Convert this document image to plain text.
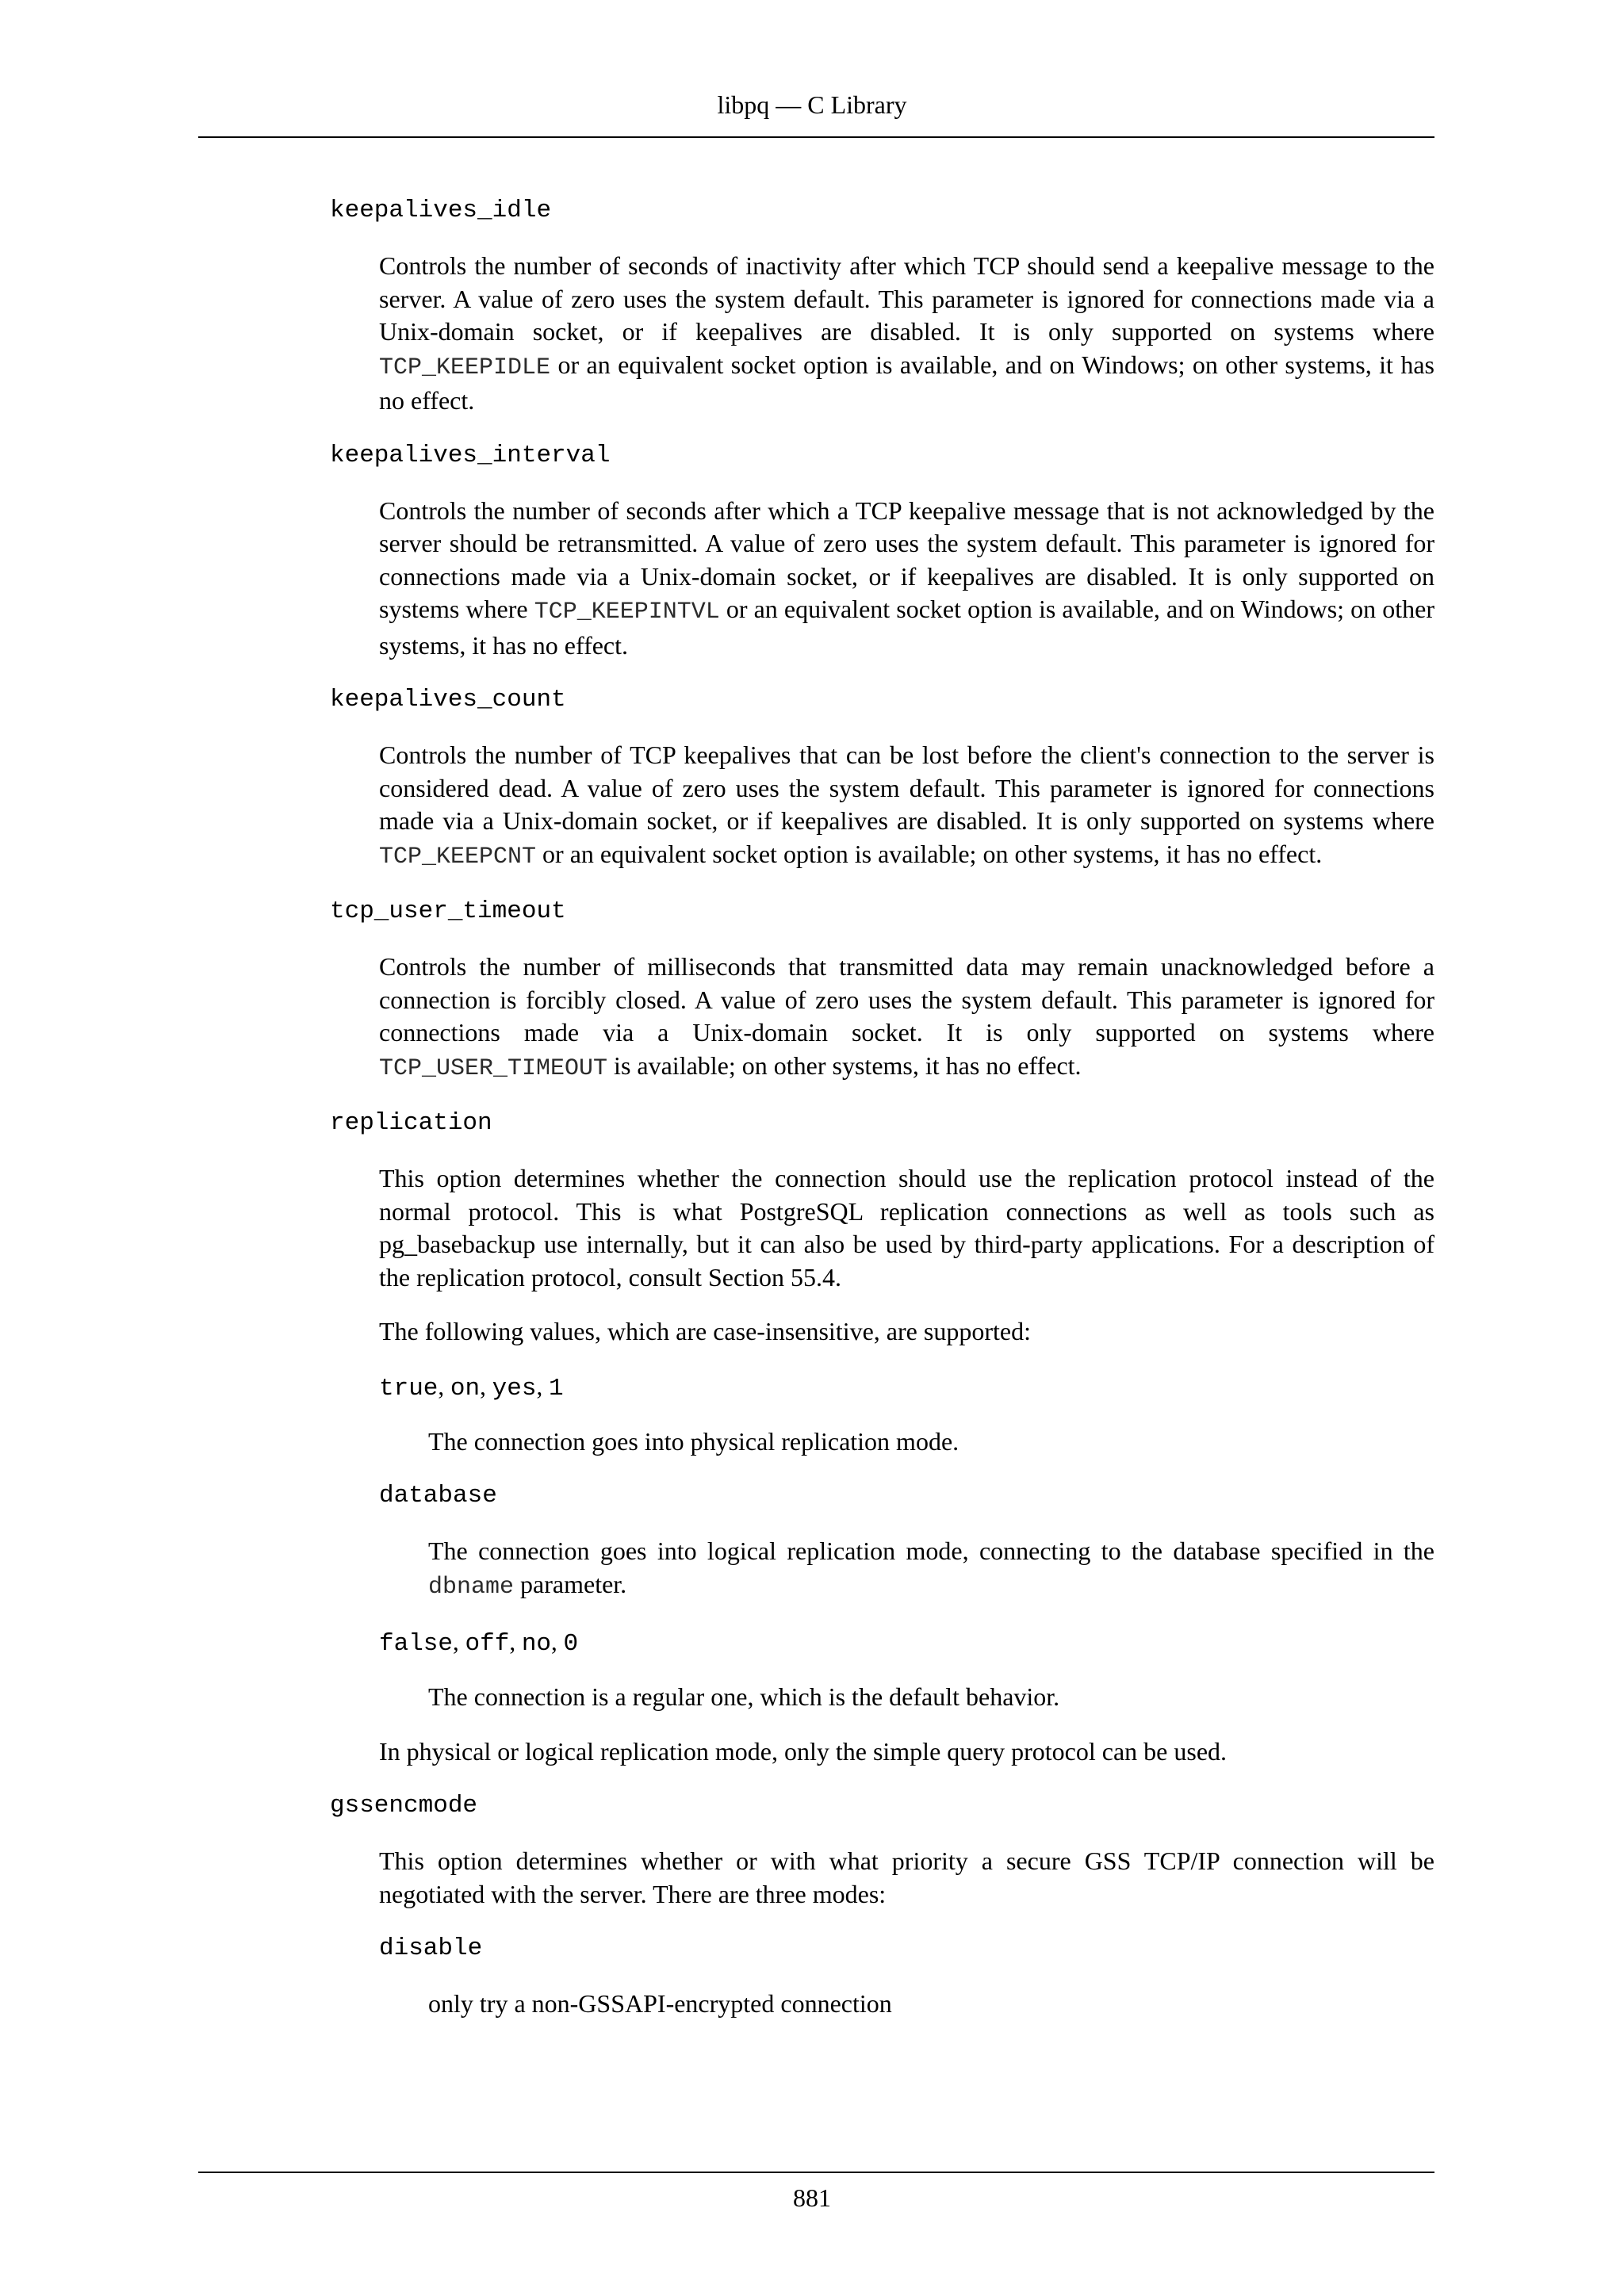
libpq — C Library
keepalives_idle

Controls the number of seconds of inactivity after which TCP should send a keepalive message to the server. A value of zero uses the system default. This parameter is ignored for connections made via a Unix-domain socket, or if keepalives are disabled. It is only supported on systems where TCP_KEEPIDLE or an equivalent socket option is available, and on Windows; on other systems, it has no effect.

keepalives_interval

Controls the number of seconds after which a TCP keepalive message that is not acknowledged by the server should be retransmitted. A value of zero uses the system default. This parameter is ignored for connections made via a Unix-domain socket, or if keepalives are disabled. It is only supported on systems where TCP_KEEPINTVL or an equivalent socket option is available, and on Windows; on other systems, it has no effect.

keepalives_count

Controls the number of TCP keepalives that can be lost before the client's connection to the server is considered dead. A value of zero uses the system default. This parameter is ignored for connections made via a Unix-domain socket, or if keepalives are disabled. It is only supported on systems where TCP_KEEPCNT or an equivalent socket option is available; on other systems, it has no effect.

tcp_user_timeout

Controls the number of milliseconds that transmitted data may remain unacknowledged before a connection is forcibly closed. A value of zero uses the system default. This parameter is ignored for connections made via a Unix-domain socket. It is only supported on systems where TCP_USER_TIMEOUT is available; on other systems, it has no effect.

replication

This option determines whether the connection should use the replication protocol instead of the normal protocol. This is what PostgreSQL replication connections as well as tools such as pg_basebackup use internally, but it can also be used by third-party applications. For a description of the replication protocol, consult Section 55.4.

The following values, which are case-insensitive, are supported:

true, on, yes, 1

The connection goes into physical replication mode.

database

The connection goes into logical replication mode, connecting to the database specified in the dbname parameter.

false, off, no, 0

The connection is a regular one, which is the default behavior.

In physical or logical replication mode, only the simple query protocol can be used.

gssencmode

This option determines whether or with what priority a secure GSS TCP/IP connection will be negotiated with the server. There are three modes:

disable

only try a non-GSSAPI-encrypted connection

881
